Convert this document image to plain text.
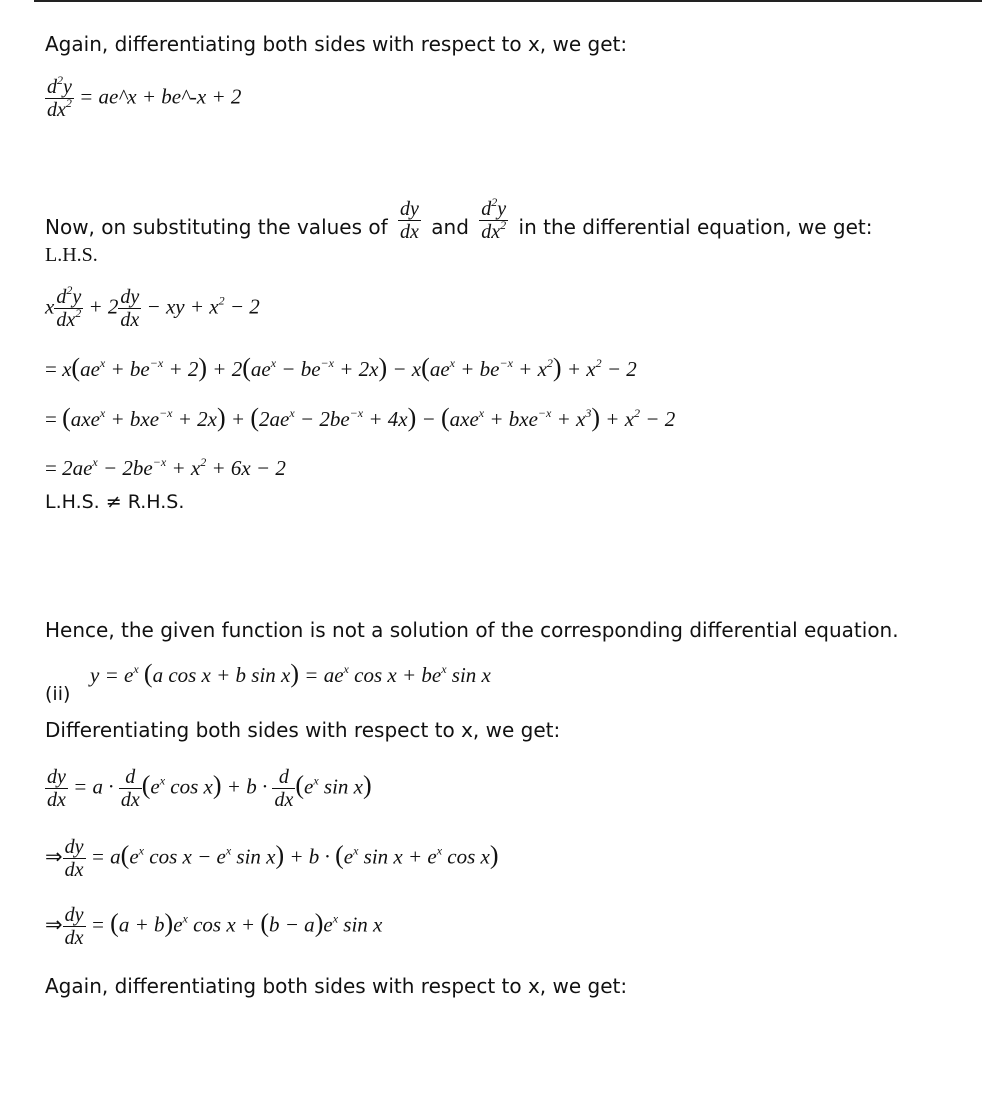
Again, differentiating both sides with respect to x, we get:
$\frac{d^2y}{dx^2}$ = ae^x + be^-x + 2
Now, on substituting the values of $\frac{dy}{dx}$ and $\frac{d^2y}{dx^2}$ in the differential equation, we get:
L.H.S.
x $\frac{d^2y}{dx^2} + 2 \frac{dy}{dx}$ − xy + $x^2 - 2$
= $x(ae^x + be^{-x} + 2) + 2(ae^x - be^{-x} + 2x) - x(ae^x + be^{-x} + x^2) + x^2 - 2$
= $(axe^x + bxe^{-x} + 2x) + (2ae^x - 2be^{-x} + 4x) - (axe^x + bxe^{-x} + x^3) + x^2 - 2$
= $2ae^x - 2be^{-x} + x^2 + 6x - 2$
L.H.S. ≠ R.H.S.
Hence, the given function is not a solution of the corresponding differential equation.
(ii)
$y = e^x$ (a cos x + b $\sin x) = ae^x$ $\cos x + be^x$ sin x
Differentiating both sides with respect to x, we get:
$\frac{dy}{dx} = a \cdot \frac{d}{dx} (e^x$ $\cos x) + b \cdot \frac{d}{dx} (e^x$ sin x)
⇒ $\frac{dy}{dx} = a(e^x$ $\cos x - e^x$ $\sin x) + b \cdot (e^x$ $\sin x + e^x$ cos x)
⇒ $\frac{dy}{dx} = (a + b)e^x$ $\cos x + (b - a)e^x$ sin x
Again, differentiating both sides with respect to x, we get:
